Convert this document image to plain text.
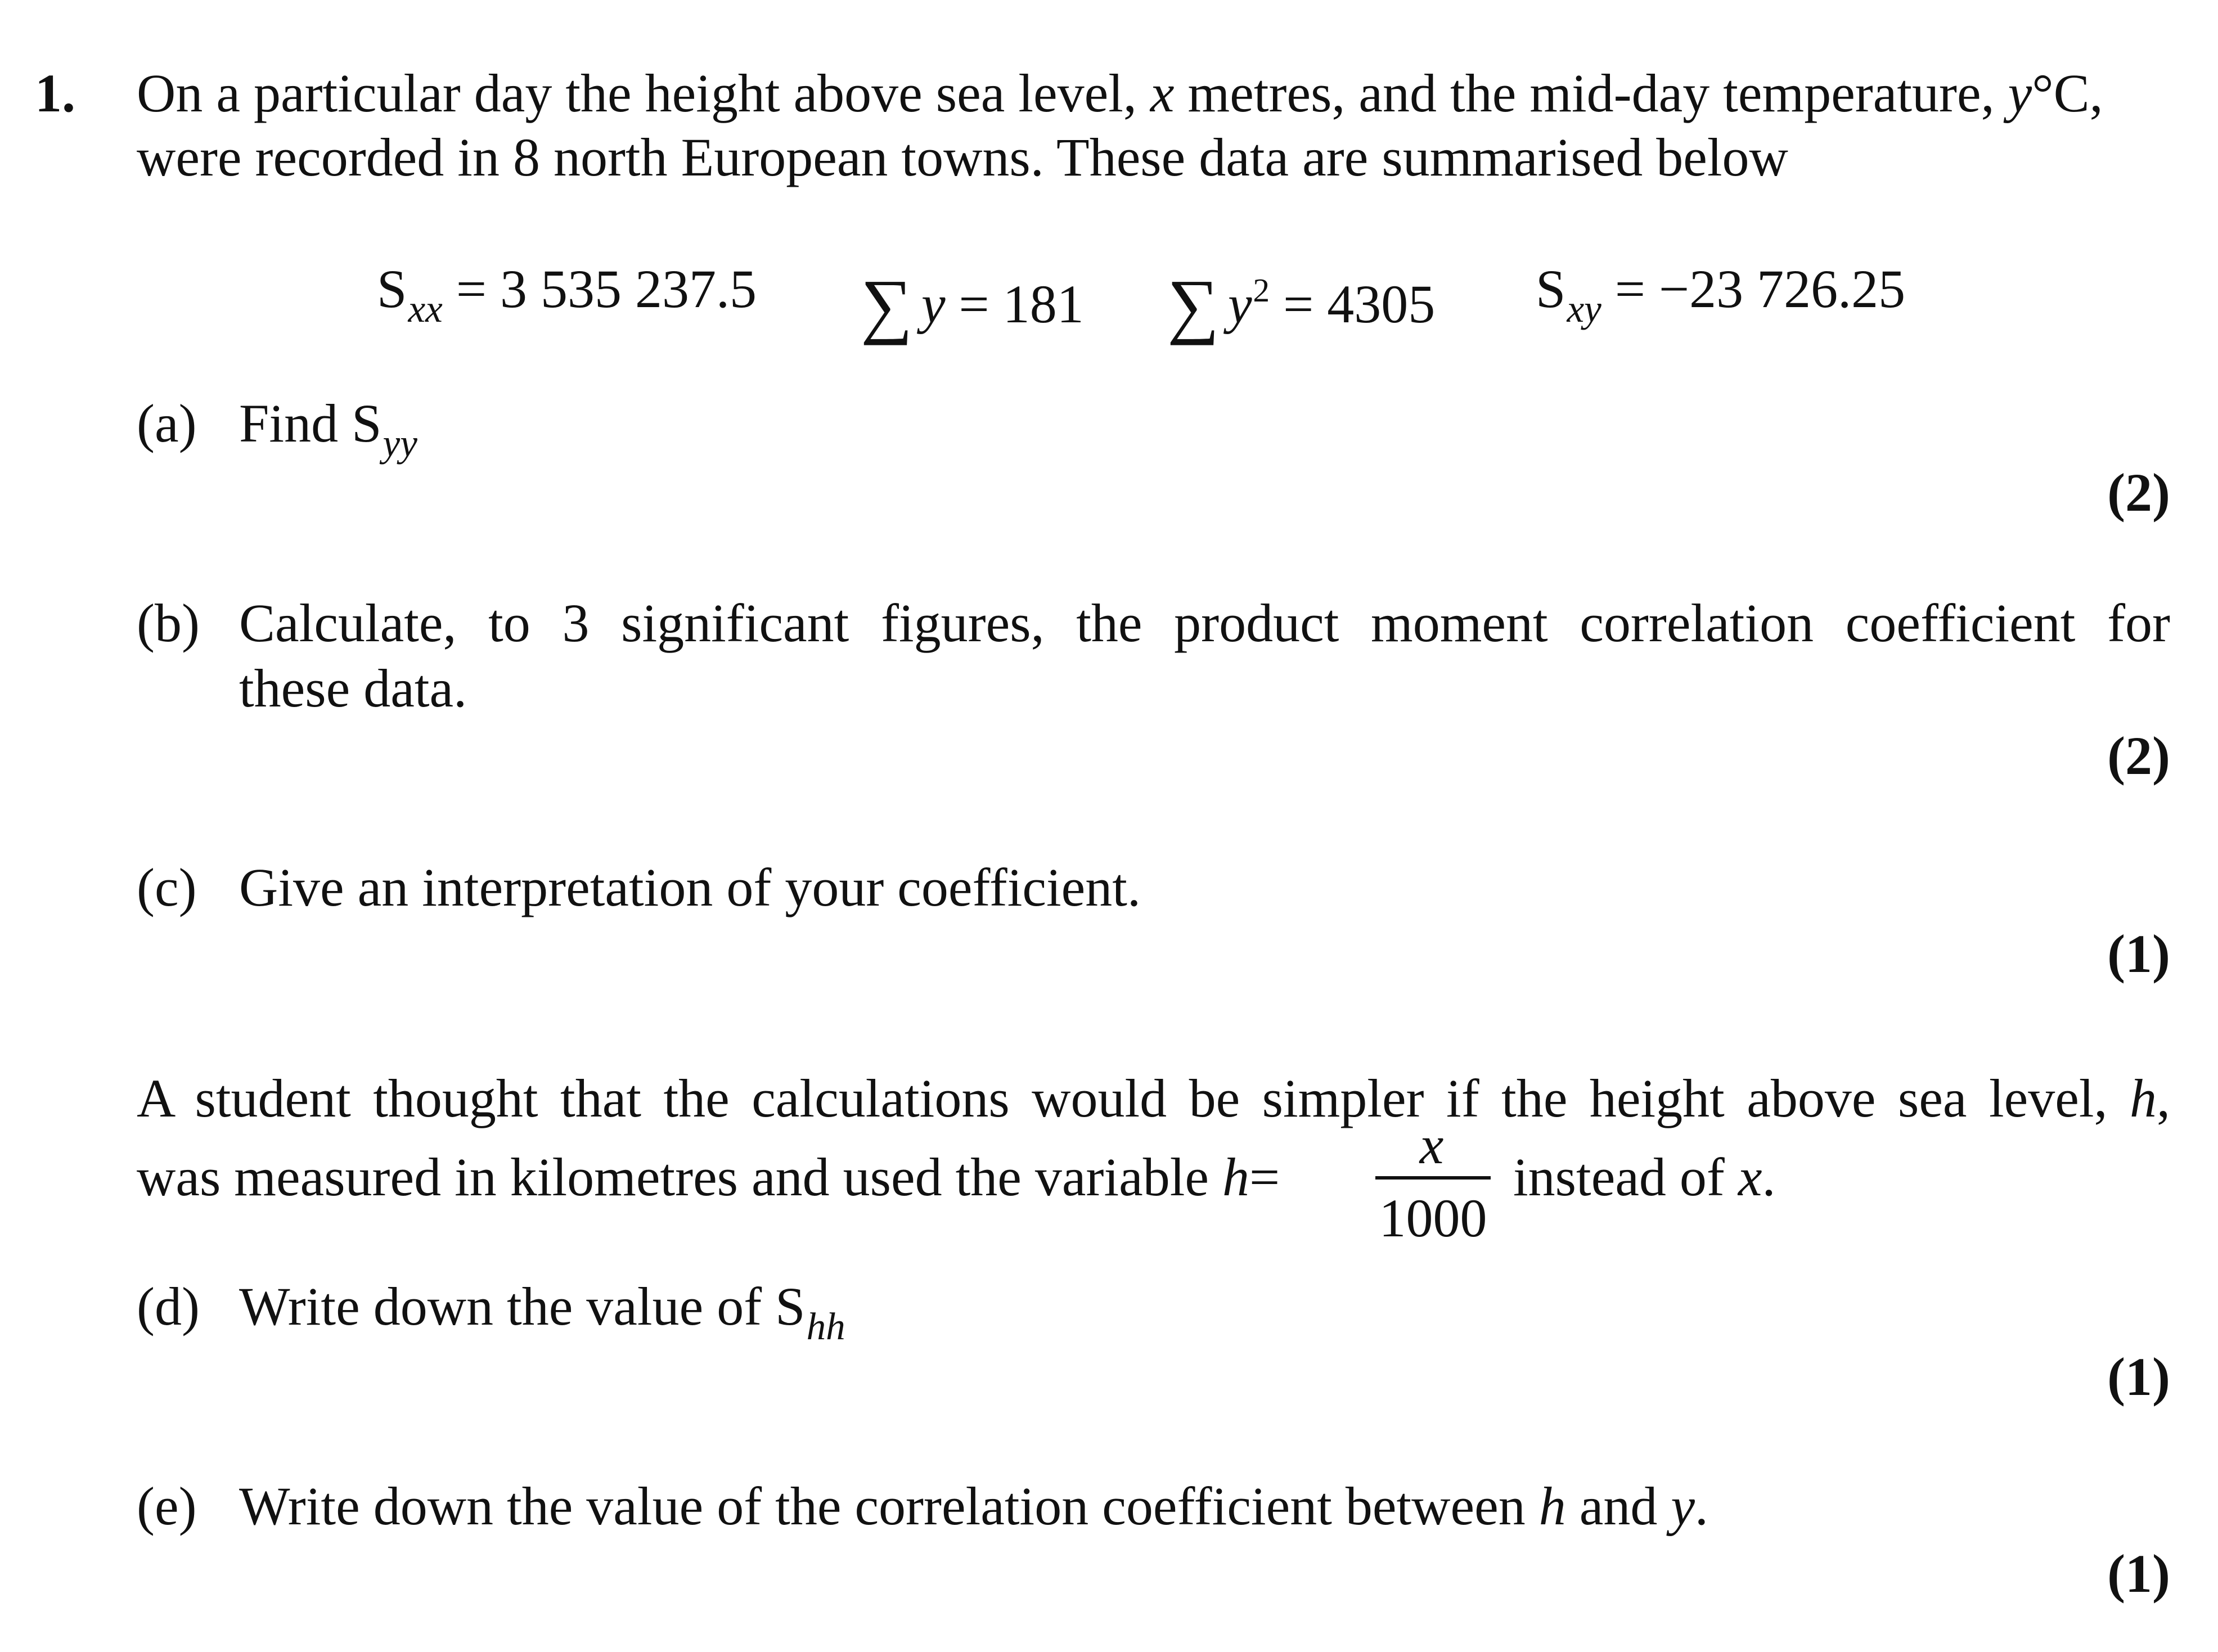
1. On a particular day the height above sea level, x metres, and the mid-day temperature, y°C,
were recorded in 8 north European towns. These data are summarised below
$S_{xx} = 3$ 535 237.5 ∑ y = 181 ∑ $y^2 = 4305$ $S_{xy} = -23$ 726.25
(a) Find $S_{yy}$
(2)
(b) Calculate, to 3 significant figures, the product moment correlation coefficient for
these data.
(2)
(c) Give an interpretation of your coefficient.
(1)
A student thought that the calculations would be simpler if the height above sea level, h,
was measured in kilometres and used the variable h=
x
1000
instead of x.
(d) Write down the value of $S_{hh}$
(1)
(e) Write down the value of the correlation coefficient between h and y.
(1)
